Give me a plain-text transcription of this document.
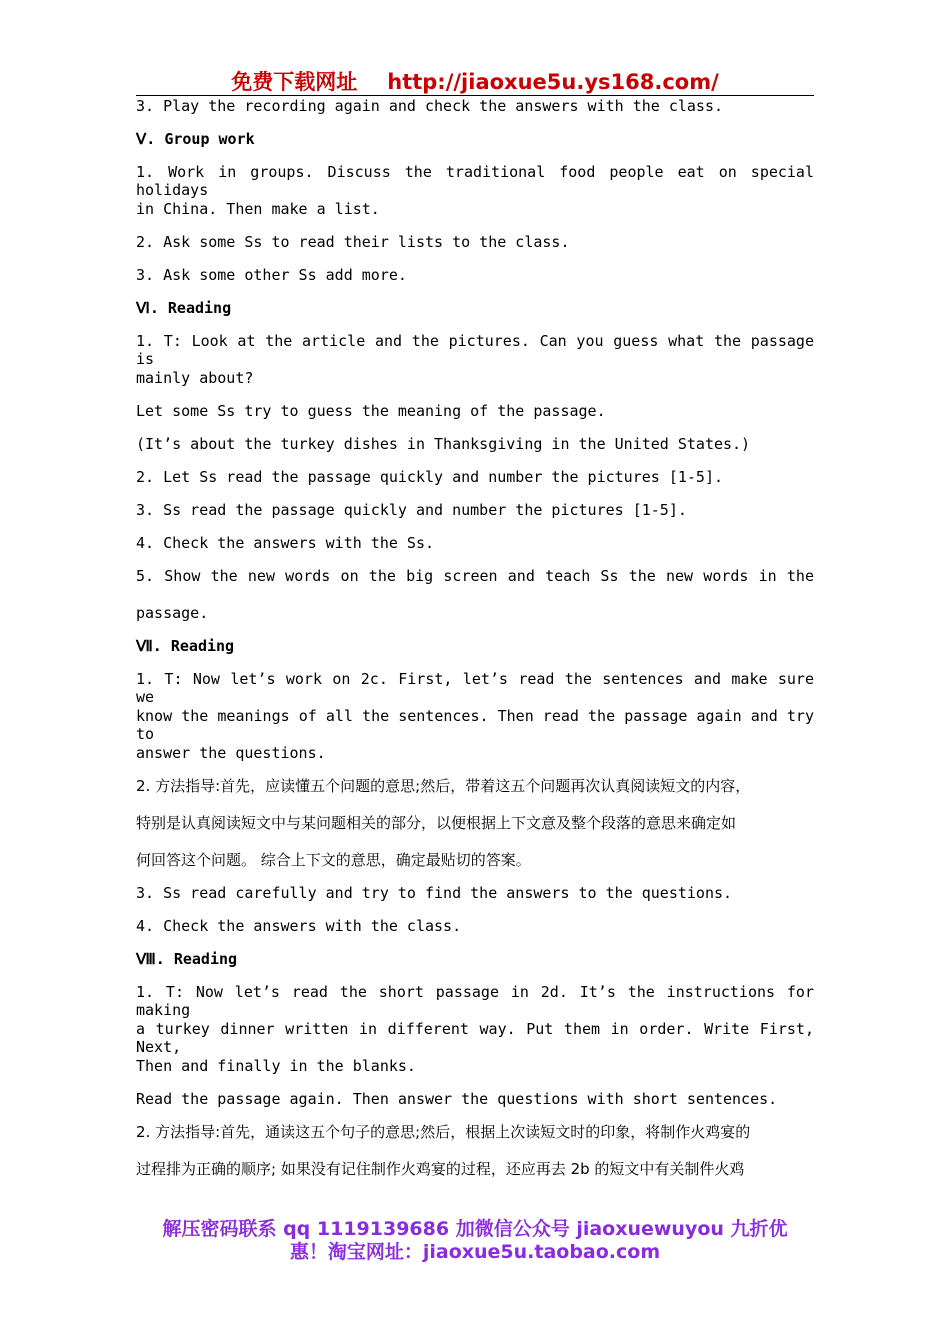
免费下载网址 http://jiaoxue5u.ys168.com/
3. Play the recording again and check the answers with the class.
Ⅴ. Group work
1. Work in groups. Discuss the traditional food people eat on special holidays
in China. Then make a list.
2. Ask some Ss to read their lists to the class.
3. Ask some other Ss add more.
Ⅵ. Reading
1. T: Look at the article and the pictures. Can you guess what the passage is
mainly about?
Let some Ss try to guess the meaning of the passage.
(It’s about the turkey dishes in Thanksgiving in the United States.)
2. Let Ss read the passage quickly and number the pictures [1-5].
3. Ss read the passage quickly and number the pictures [1-5].
4. Check the answers with the Ss.
5. Show the new words on the big screen and teach Ss the new words in the
passage.
Ⅶ. Reading
1. T: Now let’s work on 2c. First, let’s read the sentences and make sure we
know the meanings of all the sentences. Then read the passage again and try to
answer the questions.
2. 方法指导:首先，应读懂五个问题的意思;然后，带着这五个问题再次认真阅读短文的内容，
特别是认真阅读短文中与某问题相关的部分，以便根据上下文意及整个段落的意思来确定如
何回答这个问题。 综合上下文的意思，确定最贴切的答案。
3. Ss read carefully and try to find the answers to the questions.
4. Check the answers with the class.
Ⅷ. Reading
1. T: Now let’s read the short passage in 2d. It’s the instructions for making
a turkey dinner written in different way. Put them in order. Write First, Next,
Then and finally in the blanks.
Read the passage again. Then answer the questions with short sentences.
2. 方法指导:首先，通读这五个句子的意思;然后，根据上次读短文时的印象，将制作火鸡宴的
过程排为正确的顺序; 如果没有记住制作火鸡宴的过程，还应再去 2b 的短文中有关制件火鸡
解压密码联系 qq 1119139686 加微信公众号 jiaoxuewuyou 九折优
惠！淘宝网址：jiaoxue5u.taobao.com
